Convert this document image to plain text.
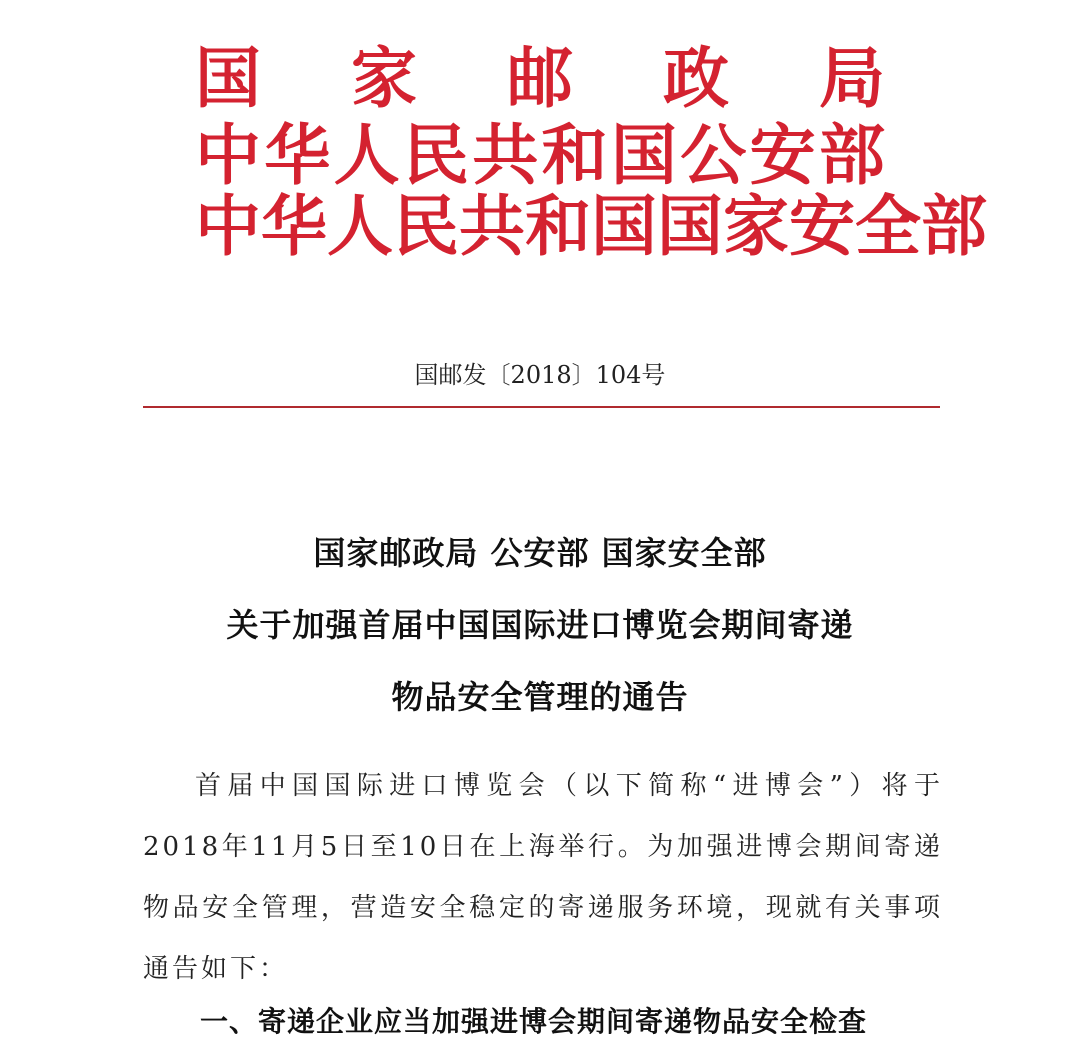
国 家 邮 政 局
中 华 人 民 共 和 国 公 安 部
中 华 人 民 共 和 国 国 家 安 全 部
国邮发〔2018〕104号
国家邮政局 公安部 国家安全部
关于加强首届中国国际进口博览会期间寄递
物品安全管理的通告

首届中国国际进口博览会（以下简称“进博会”）将于2018年11月5日至10日在上海举行。为加强进博会期间寄递物品安全管理，营造安全稳定的寄递服务环境，现就有关事项通告如下：

一、寄递企业应当加强进博会期间寄递物品安全检查
